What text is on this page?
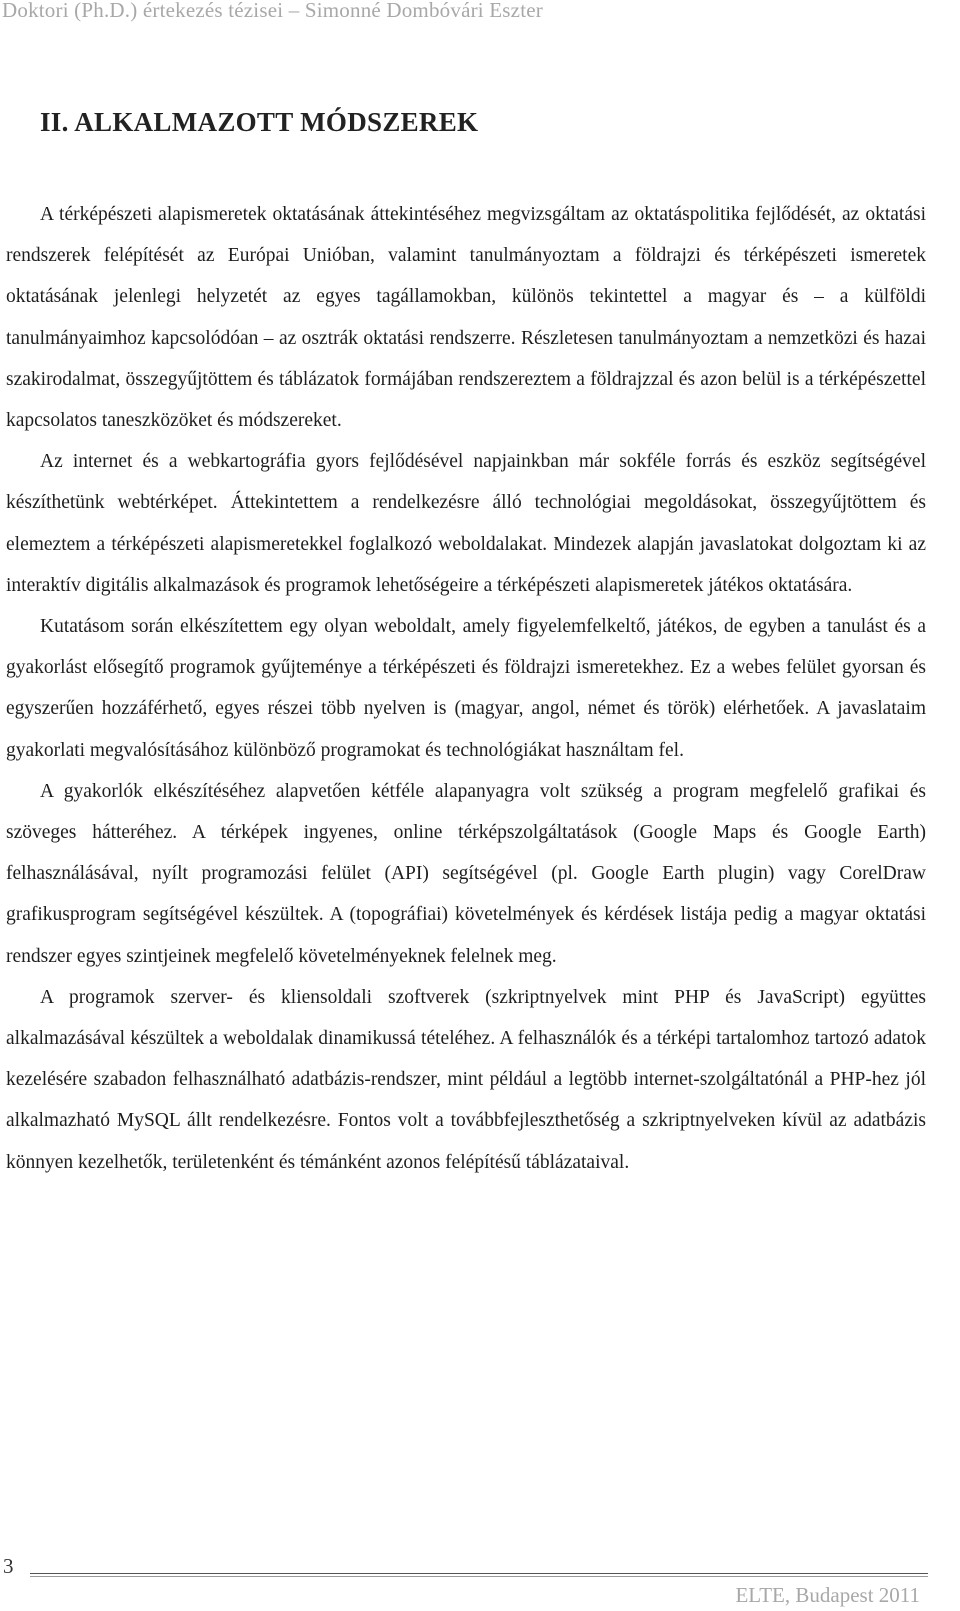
Doktori (Ph.D.) értekezés tézisei – Simonné Dombóvári Eszter
II. ALKALMAZOTT MÓDSZEREK

A térképészeti alapismeretek oktatásának áttekintéséhez megvizsgáltam az oktatáspolitika fejlődését, az oktatási rendszerek felépítését az Európai Unióban, valamint tanulmányoztam a földrajzi és térképészeti ismeretek oktatásának jelenlegi helyzetét az egyes tagállamokban, különös tekintettel a magyar és – a külföldi tanulmányaimhoz kapcsolódóan – az osztrák oktatási rendszerre. Részletesen tanulmányoztam a nemzetközi és hazai szakirodalmat, összegyűjtöttem és táblázatok formájában rendszereztem a földrajzzal és azon belül is a térképészettel kapcsolatos taneszközöket és módszereket.

Az internet és a webkartográfia gyors fejlődésével napjainkban már sokféle forrás és eszköz segítségével készíthetünk webtérképet. Áttekintettem a rendelkezésre álló technológiai megoldásokat, összegyűjtöttem és elemeztem a térképészeti alapismeretekkel foglalkozó weboldalakat. Mindezek alapján javaslatokat dolgoztam ki az interaktív digitális alkalmazások és programok lehetőségeire a térképészeti alapismeretek játékos oktatására.

Kutatásom során elkészítettem egy olyan weboldalt, amely figyelemfelkeltő, játékos, de egyben a tanulást és a gyakorlást elősegítő programok gyűjteménye a térképészeti és földrajzi ismeretekhez. Ez a webes felület gyorsan és egyszerűen hozzáférhető, egyes részei több nyelven is (magyar, angol, német és török) elérhetőek. A javaslataim gyakorlati megvalósításához különböző programokat és technológiákat használtam fel.

A gyakorlók elkészítéséhez alapvetően kétféle alapanyagra volt szükség a program megfelelő grafikai és szöveges hátteréhez. A térképek ingyenes, online térképszolgáltatások (Google Maps és Google Earth) felhasználásával, nyílt programozási felület (API) segítségével (pl. Google Earth plugin) vagy CorelDraw grafikusprogram segítségével készültek. A (topográfiai) követelmények és kérdések listája pedig a magyar oktatási rendszer egyes szintjeinek megfelelő követelményeknek felelnek meg.

A programok szerver- és kliensoldali szoftverek (szkriptnyelvek mint PHP és JavaScript) együttes alkalmazásával készültek a weboldalak dinamikussá tételéhez. A felhasználók és a térképi tartalomhoz tartozó adatok kezelésére szabadon felhasználható adatbázis-rendszer, mint például a legtöbb internet-szolgáltatónál a PHP-hez jól alkalmazható MySQL állt rendelkezésre. Fontos volt a továbbfejleszthetőség a szkriptnyelveken kívül az adatbázis könnyen kezelhetők, területenként és témánként azonos felépítésű táblázataival.

3
ELTE, Budapest 2011
